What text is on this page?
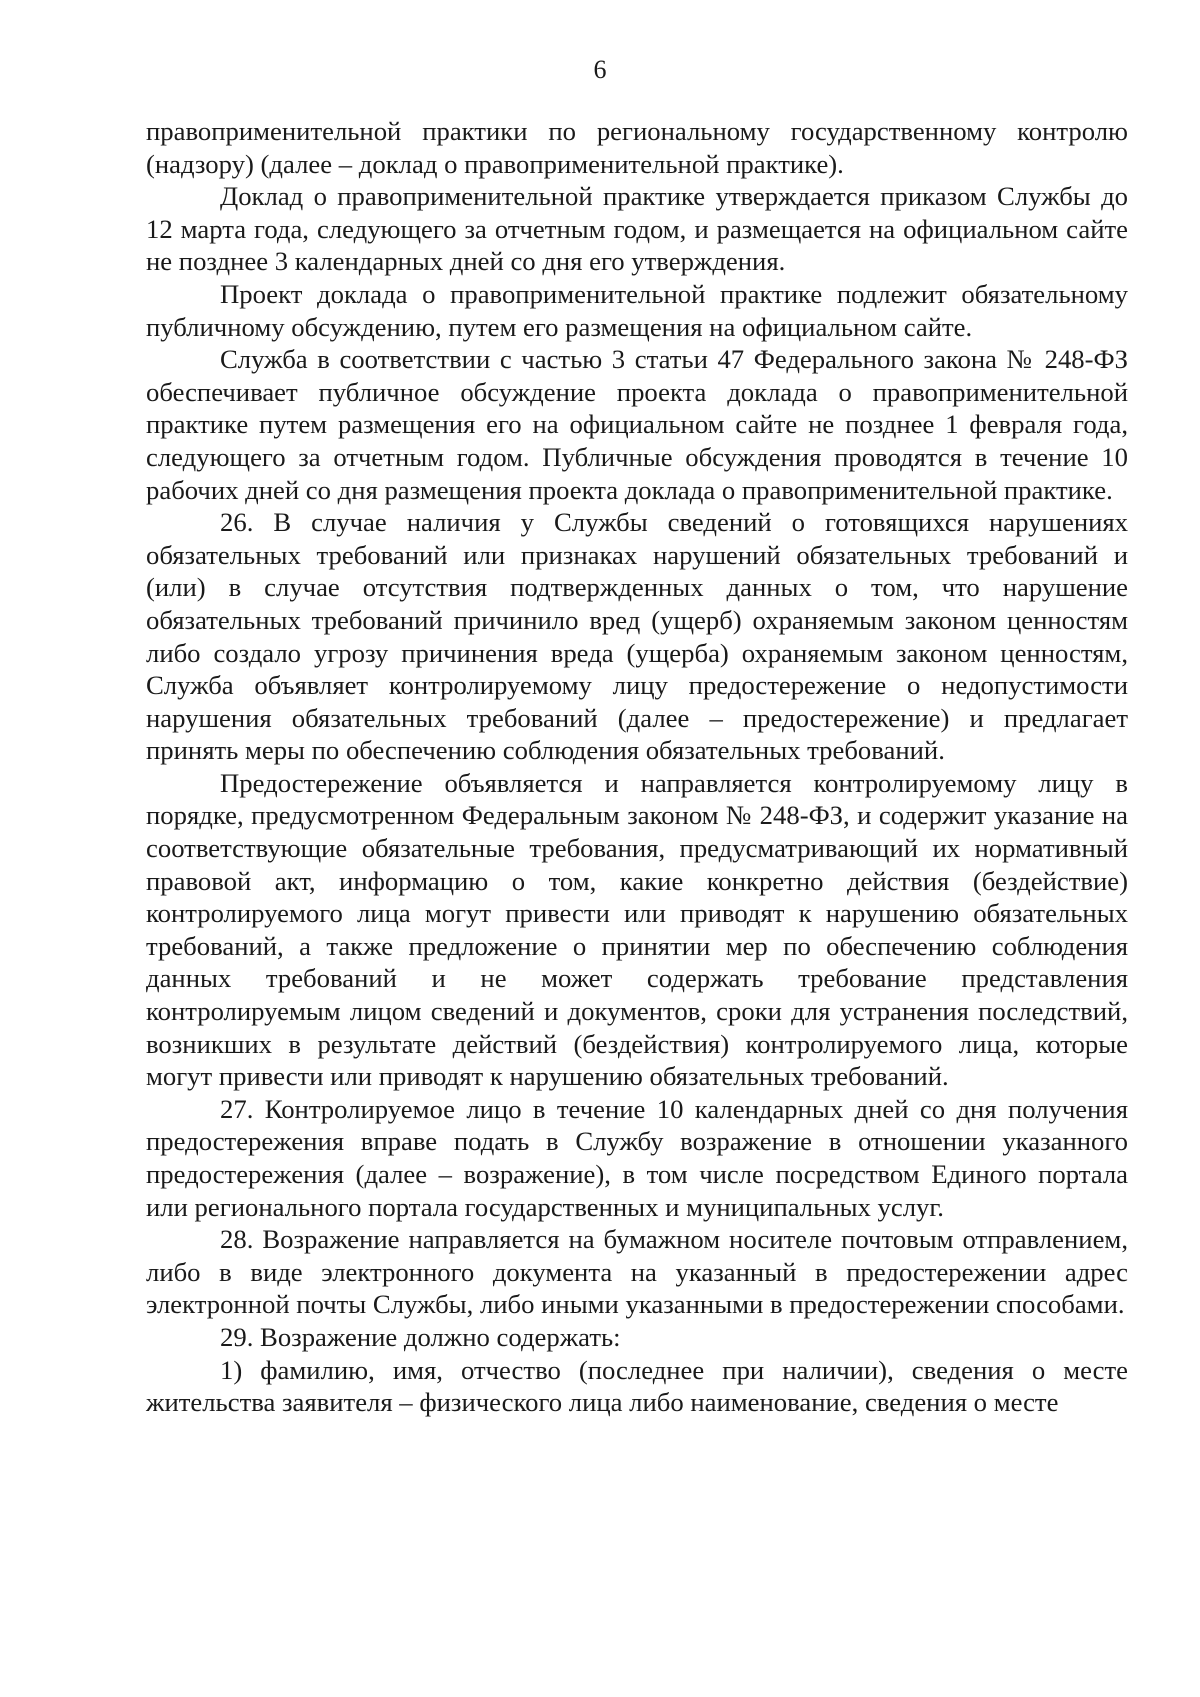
6

правоприменительной практики по региональному государственному контролю (надзору) (далее – доклад о правоприменительной практике).

Доклад о правоприменительной практике утверждается приказом Службы до 12 марта года, следующего за отчетным годом, и размещается на официальном сайте не позднее 3 календарных дней со дня его утверждения.

Проект доклада о правоприменительной практике подлежит обязательному публичному обсуждению, путем его размещения на официальном сайте.

Служба в соответствии с частью 3 статьи 47 Федерального закона № 248-ФЗ обеспечивает публичное обсуждение проекта доклада о правоприменительной практике путем размещения его на официальном сайте не позднее 1 февраля года, следующего за отчетным годом. Публичные обсуждения проводятся в течение 10 рабочих дней со дня размещения проекта доклада о правоприменительной практике.

26. В случае наличия у Службы сведений о готовящихся нарушениях обязательных требований или признаках нарушений обязательных требований и (или) в случае отсутствия подтвержденных данных о том, что нарушение обязательных требований причинило вред (ущерб) охраняемым законом ценностям либо создало угрозу причинения вреда (ущерба) охраняемым законом ценностям, Служба объявляет контролируемому лицу предостережение о недопустимости нарушения обязательных требований (далее – предостережение) и предлагает принять меры по обеспечению соблюдения обязательных требований.

Предостережение объявляется и направляется контролируемому лицу в порядке, предусмотренном Федеральным законом № 248-ФЗ, и содержит указание на соответствующие обязательные требования, предусматривающий их нормативный правовой акт, информацию о том, какие конкретно действия (бездействие) контролируемого лица могут привести или приводят к нарушению обязательных требований, а также предложение о принятии мер по обеспечению соблюдения данных требований и не может содержать требование представления контролируемым лицом сведений и документов, сроки для устранения последствий, возникших в результате действий (бездействия) контролируемого лица, которые могут привести или приводят к нарушению обязательных требований.

27. Контролируемое лицо в течение 10 календарных дней со дня получения предостережения вправе подать в Службу возражение в отношении указанного предостережения (далее – возражение), в том числе посредством Единого портала или регионального портала государственных и муниципальных услуг.

28. Возражение направляется на бумажном носителе почтовым отправлением, либо в виде электронного документа на указанный в предостережении адрес электронной почты Службы, либо иными указанными в предостережении способами.

29. Возражение должно содержать:

1) фамилию, имя, отчество (последнее при наличии), сведения о месте жительства заявителя – физического лица либо наименование, сведения о месте
